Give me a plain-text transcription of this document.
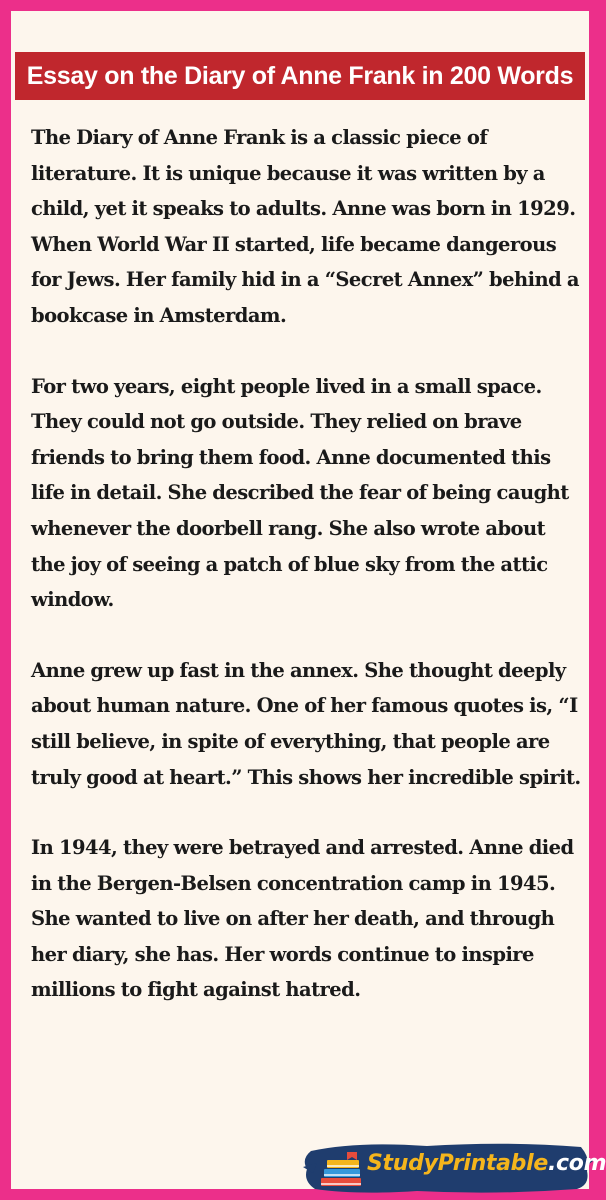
Essay on the Diary of Anne Frank in 200 Words

The Diary of Anne Frank is a classic piece of literature. It is unique because it was written by a child, yet it speaks to adults. Anne was born in 1929. When World War II started, life became dangerous for Jews. Her family hid in a “Secret Annex” behind a bookcase in Amsterdam.

For two years, eight people lived in a small space. They could not go outside. They relied on brave friends to bring them food. Anne documented this life in detail. She described the fear of being caught whenever the doorbell rang. She also wrote about the joy of seeing a patch of blue sky from the attic window.

Anne grew up fast in the annex. She thought deeply about human nature. One of her famous quotes is, “I still believe, in spite of everything, that people are truly good at heart.” This shows her incredible spirit.

In 1944, they were betrayed and arrested. Anne died in the Bergen-Belsen concentration camp in 1945. She wanted to live on after her death, and through her diary, she has. Her words continue to inspire millions to fight against hatred.

StudyPrintable.com
